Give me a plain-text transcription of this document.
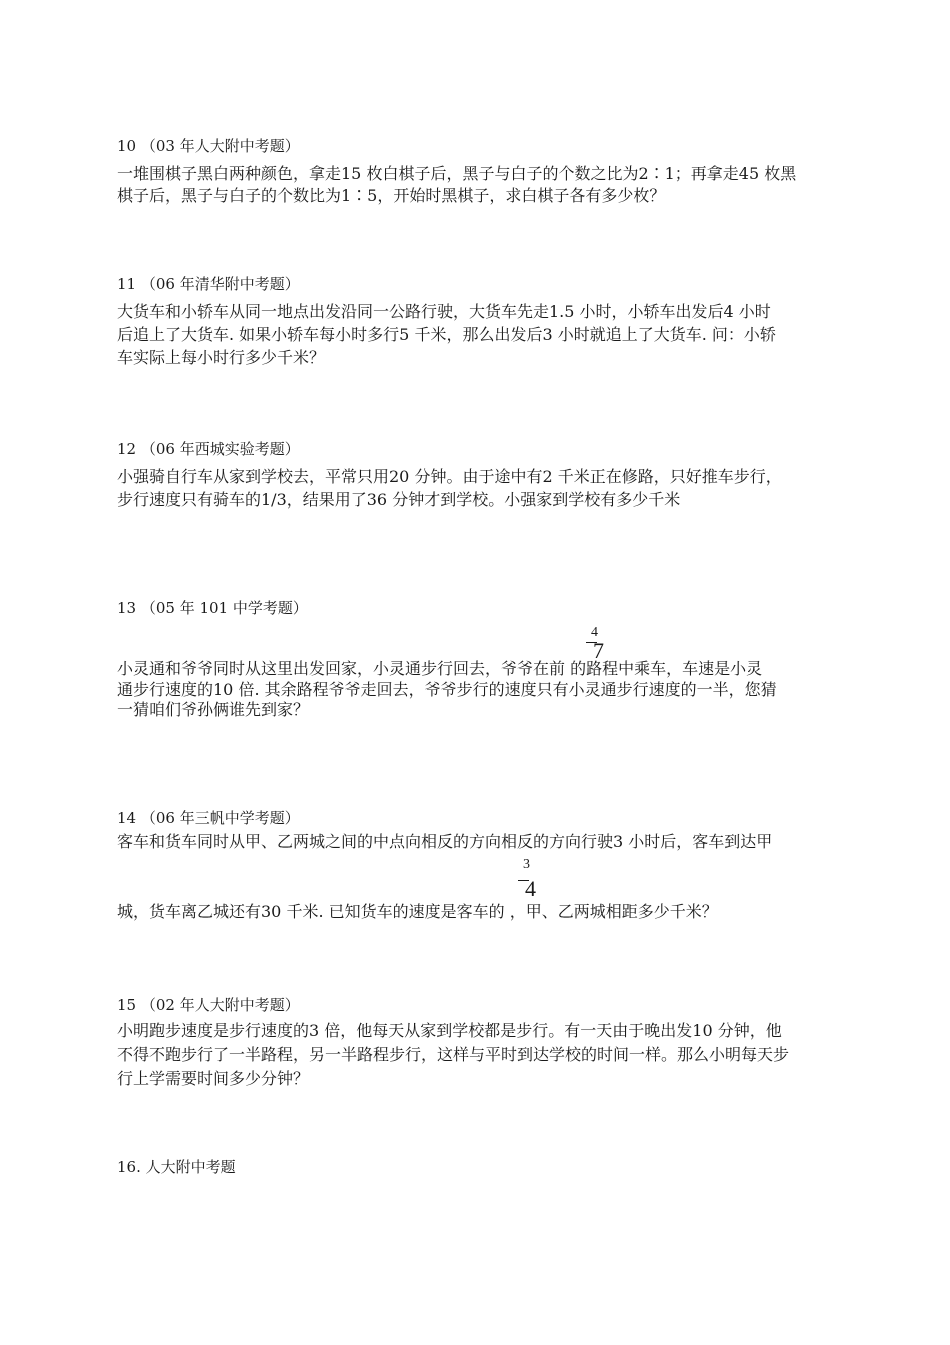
10 （03 年人大附中考题）
一堆围棋子黑白两种颜色，拿走15 枚白棋子后，黑子与白子的个数之比为2∶1；再拿走45 枚黑
棋子后，黑子与白子的个数比为1∶5，开始时黑棋子，求白棋子各有多少枚？
11 （06 年清华附中考题）
大货车和小轿车从同一地点出发沿同一公路行驶，大货车先走1.5 小时，小轿车出发后4 小时
后追上了大货车. 如果小轿车每小时多行5 千米，那么出发后3 小时就追上了大货车. 问：小轿
车实际上每小时行多少千米？
12 （06 年西城实验考题）
小强骑自行车从家到学校去，平常只用20 分钟。由于途中有2 千米正在修路，只好推车步行，
步行速度只有骑车的1/3，结果用了36 分钟才到学校。小强家到学校有多少千米
13 （05 年 101 中学考题）
4
7
小灵通和爷爷同时从这里出发回家，小灵通步行回去，爷爷在前 的路程中乘车，车速是小灵
通步行速度的10 倍. 其余路程爷爷走回去，爷爷步行的速度只有小灵通步行速度的一半，您猜
一猜咱们爷孙俩谁先到家？
14 （06 年三帆中学考题）
客车和货车同时从甲、乙两城之间的中点向相反的方向相反的方向行驶3 小时后，客车到达甲
3
4
城，货车离乙城还有30 千米. 已知货车的速度是客车的 ，甲、乙两城相距多少千米？
15 （02 年人大附中考题）
小明跑步速度是步行速度的3 倍，他每天从家到学校都是步行。有一天由于晚出发10 分钟，他
不得不跑步行了一半路程，另一半路程步行，这样与平时到达学校的时间一样。那么小明每天步
行上学需要时间多少分钟？
16. 人大附中考题
